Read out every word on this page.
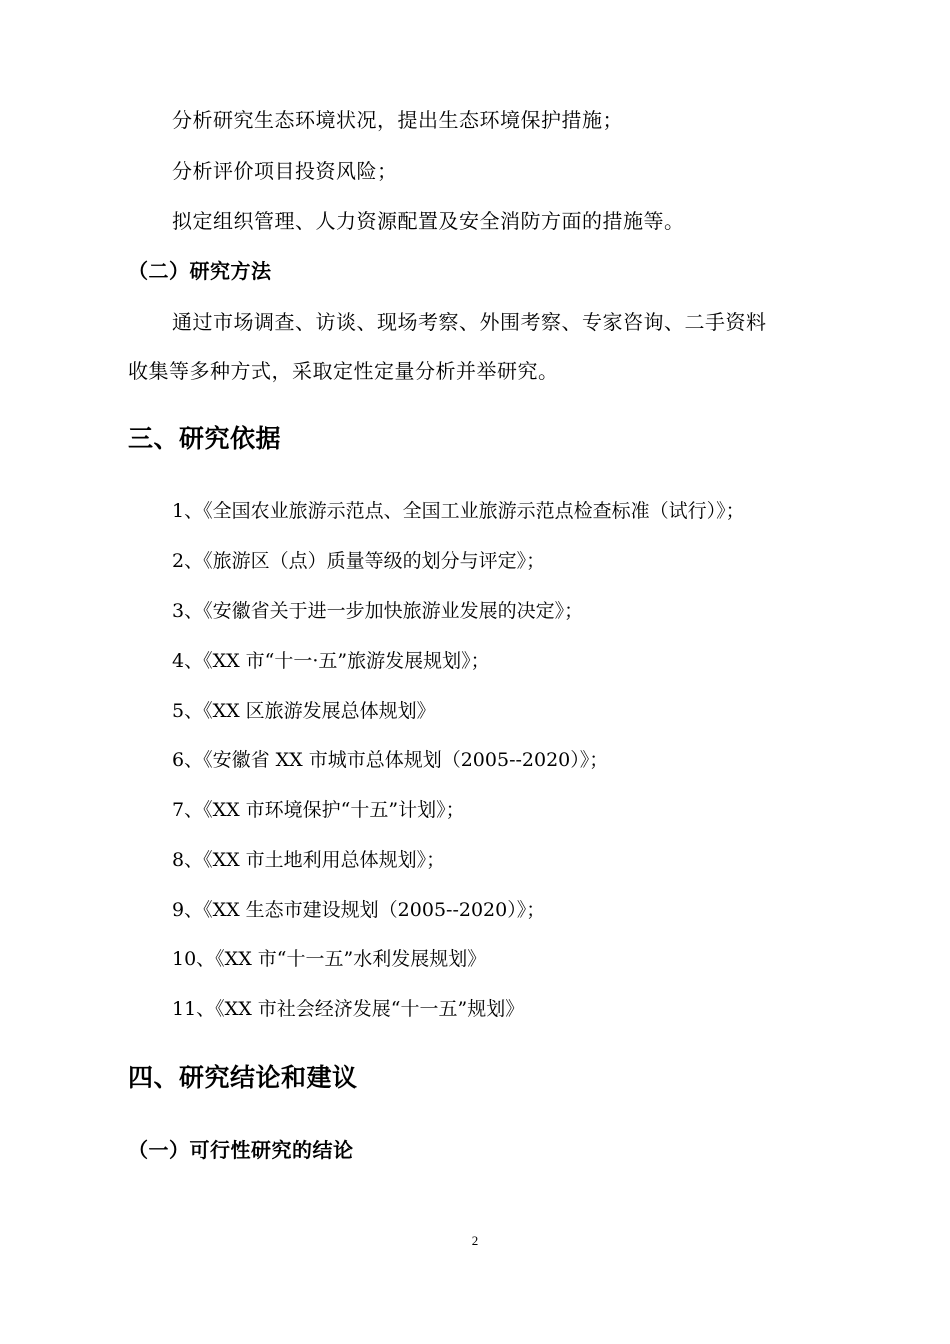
分析研究生态环境状况，提出生态环境保护措施；
分析评价项目投资风险；
拟定组织管理、人力资源配置及安全消防方面的措施等。
（二）研究方法
通过市场调查、访谈、现场考察、外围考察、专家咨询、二手资料
收集等多种方式，采取定性定量分析并举研究。
三、研究依据
1、《全国农业旅游示范点、全国工业旅游示范点检查标准（试行）》；
2、《旅游区（点）质量等级的划分与评定》；
3、《安徽省关于进一步加快旅游业发展的决定》；
4、《XX 市“十一·五”旅游发展规划》；
5、《XX 区旅游发展总体规划》
6、《安徽省 XX 市城市总体规划（2005--2020）》；
7、《XX 市环境保护“十五”计划》；
8、《XX 市土地利用总体规划》；
9、《XX 生态市建设规划（2005--2020）》；
10、《XX 市“十一五”水利发展规划》
11、《XX 市社会经济发展“十一五”规划》
四、研究结论和建议
（一）可行性研究的结论
2
